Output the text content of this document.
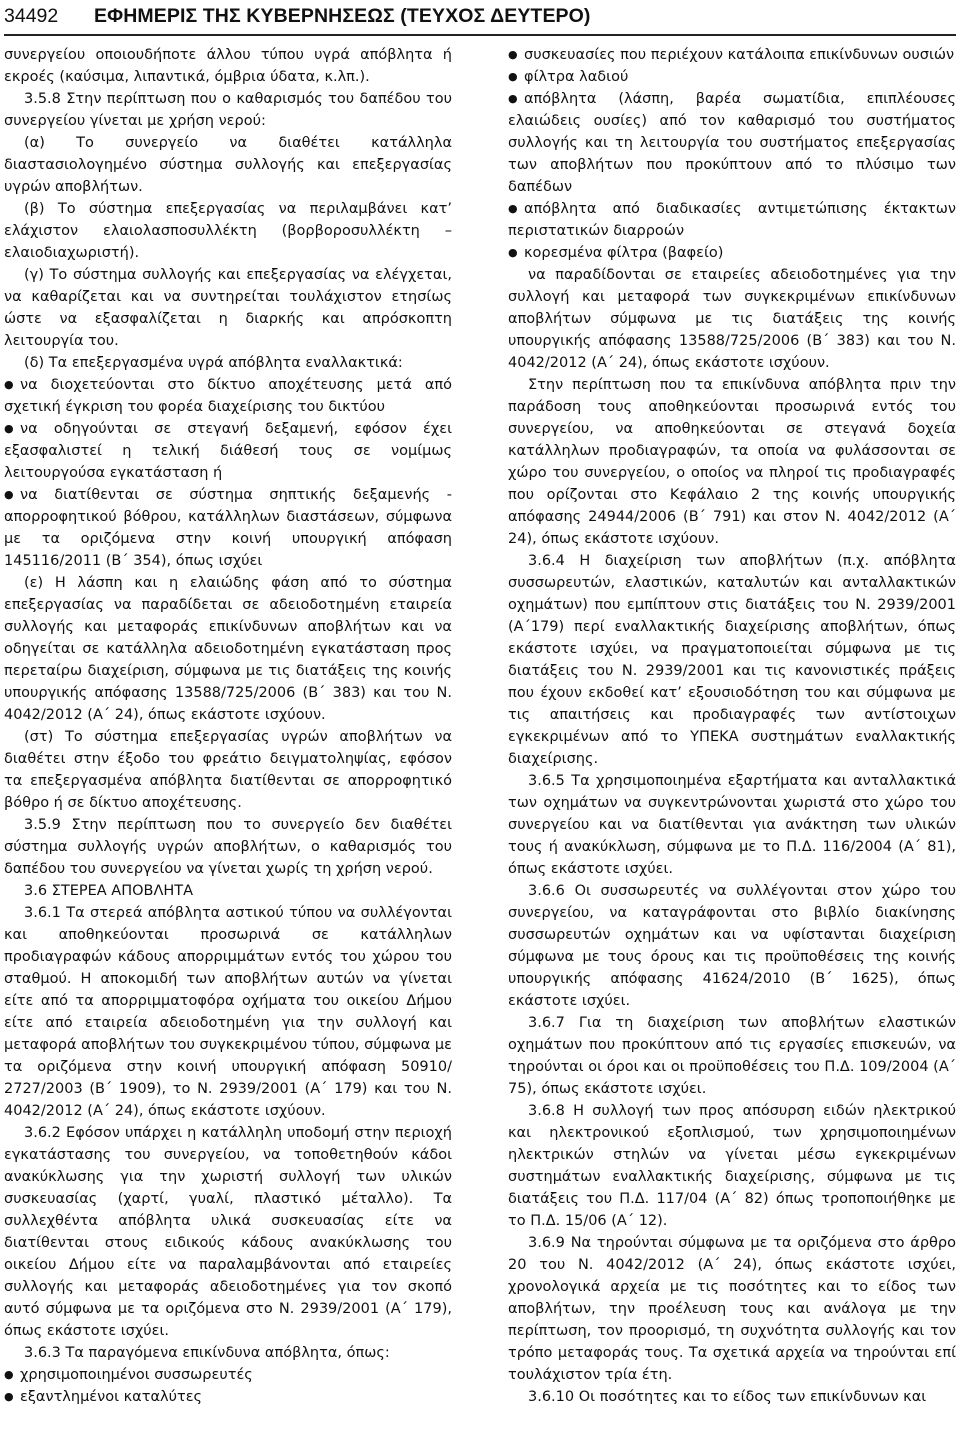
34492 ΕΦΗΜΕΡΙΣ ΤΗΣ ΚΥΒΕΡΝΗΣΕΩΣ (ΤΕΥΧΟΣ ΔΕΥΤΕΡΟ)

συνεργείου οποιουδήποτε άλλου τύπου υγρά απόβλητα ή εκροές (καύσιμα, λιπαντικά, όμβρια ύδατα, κ.λπ.).

3.5.8 Στην περίπτωση που ο καθαρισμός του δαπέδου του συνεργείου γίνεται με χρήση νερού:

(α) Το συνεργείο να διαθέτει κατάλληλα διαστασιολογημένο σύστημα συλλογής και επεξεργασίας υγρών αποβλήτων.

(β) Το σύστημα επεξεργασίας να περιλαμβάνει κατ’ ελάχιστον ελαιολασποσυλλέκτη (βορβοροσυλλέκτη – ελαιοδιαχωριστή).

(γ) Το σύστημα συλλογής και επεξεργασίας να ελέγχεται, να καθαρίζεται και να συντηρείται τουλάχιστον ετησίως ώστε να εξασφαλίζεται η διαρκής και απρόσκοπτη λειτουργία του.

(δ) Τα επεξεργασμένα υγρά απόβλητα εναλλακτικά:

● να διοχετεύονται στο δίκτυο αποχέτευσης μετά από σχετική έγκριση του φορέα διαχείρισης του δικτύου

● να οδηγούνται σε στεγανή δεξαμενή, εφόσον έχει εξασφαλιστεί η τελική διάθεσή τους σε νομίμως λειτουργούσα εγκατάσταση ή

● να διατίθενται σε σύστημα σηπτικής δεξαμενής - απορροφητικού βόθρου, κατάλληλων διαστάσεων, σύμφωνα με τα οριζόμενα στην κοινή υπουργική απόφαση 145116/2011 (Β΄ 354), όπως ισχύει

(ε) Η λάσπη και η ελαιώδης φάση από το σύστημα επεξεργασίας να παραδίδεται σε αδειοδοτημένη εταιρεία συλλογής και μεταφοράς επικίνδυνων αποβλήτων και να οδηγείται σε κατάλληλα αδειοδοτημένη εγκατάσταση προς περεταίρω διαχείριση, σύμφωνα με τις διατάξεις της κοινής υπουργικής απόφασης 13588/725/2006 (Β΄ 383) και του Ν. 4042/2012 (Α΄ 24), όπως εκάστοτε ισχύουν.

(στ) Το σύστημα επεξεργασίας υγρών αποβλήτων να διαθέτει στην έξοδο του φρεάτιο δειγματοληψίας, εφόσον τα επεξεργασμένα απόβλητα διατίθενται σε απορροφητικό βόθρο ή σε δίκτυο αποχέτευσης.

3.5.9 Στην περίπτωση που το συνεργείο δεν διαθέτει σύστημα συλλογής υγρών αποβλήτων, ο καθαρισμός του δαπέδου του συνεργείου να γίνεται χωρίς τη χρήση νερού.

3.6 ΣΤΕΡΕΑ ΑΠΟΒΛΗΤΑ

3.6.1 Τα στερεά απόβλητα αστικού τύπου να συλλέγονται και αποθηκεύονται προσωρινά σε κατάλληλων προδιαγραφών κάδους απορριμμάτων εντός του χώρου του σταθμού. Η αποκομιδή των αποβλήτων αυτών να γίνεται είτε από τα απορριμματοφόρα οχήματα του οικείου Δήμου είτε από εταιρεία αδειοδοτημένη για την συλλογή και μεταφορά αποβλήτων του συγκεκριμένου τύπου, σύμφωνα με τα οριζόμενα στην κοινή υπουργική απόφαση 50910/ 2727/2003 (Β΄ 1909), το Ν. 2939/2001 (Α΄ 179) και του Ν. 4042/2012 (Α΄ 24), όπως εκάστοτε ισχύουν.

3.6.2 Εφόσον υπάρχει η κατάλληλη υποδομή στην περιοχή εγκατάστασης του συνεργείου, να τοποθετηθούν κάδοι ανακύκλωσης για την χωριστή συλλογή των υλικών συσκευασίας (χαρτί, γυαλί, πλαστικό μέταλλο). Τα συλλεχθέντα απόβλητα υλικά συσκευασίας είτε να διατίθενται στους ειδικούς κάδους ανακύκλωσης του οικείου Δήμου είτε να παραλαμβάνονται από εταιρείες συλλογής και μεταφοράς αδειοδοτημένες για τον σκοπό αυτό σύμφωνα με τα οριζόμενα στο Ν. 2939/2001 (Α΄ 179), όπως εκάστοτε ισχύει.

3.6.3 Τα παραγόμενα επικίνδυνα απόβλητα, όπως:

● χρησιμοποιημένοι συσσωρευτές

● εξαντλημένοι καταλύτες

● συσκευασίες που περιέχουν κατάλοιπα επικίνδυνων ουσιών

● φίλτρα λαδιού

● απόβλητα (λάσπη, βαρέα σωματίδια, επιπλέουσες ελαιώδεις ουσίες) από τον καθαρισμό του συστήματος συλλογής και τη λειτουργία του συστήματος επεξεργασίας των αποβλήτων που προκύπτουν από το πλύσιμο των δαπέδων

● απόβλητα από διαδικασίες αντιμετώπισης έκτακτων περιστατικών διαρροών

● κορεσμένα φίλτρα (βαφείο)

να παραδίδονται σε εταιρείες αδειοδοτημένες για την συλλογή και μεταφορά των συγκεκριμένων επικίνδυνων αποβλήτων σύμφωνα με τις διατάξεις της κοινής υπουργικής απόφασης 13588/725/2006 (Β΄ 383) και του Ν. 4042/2012 (Α΄ 24), όπως εκάστοτε ισχύουν.

Στην περίπτωση που τα επικίνδυνα απόβλητα πριν την παράδοση τους αποθηκεύονται προσωρινά εντός του συνεργείου, να αποθηκεύονται σε στεγανά δοχεία κατάλληλων προδιαγραφών, τα οποία να φυλάσσονται σε χώρο του συνεργείου, ο οποίος να πληροί τις προδιαγραφές που ορίζονται στο Κεφάλαιο 2 της κοινής υπουργικής απόφασης 24944/2006 (Β΄ 791) και στον Ν. 4042/2012 (Α΄ 24), όπως εκάστοτε ισχύουν.

3.6.4 Η διαχείριση των αποβλήτων (π.χ. απόβλητα συσσωρευτών, ελαστικών, καταλυτών και ανταλλακτικών οχημάτων) που εμπίπτουν στις διατάξεις του Ν. 2939/2001 (Α΄179) περί εναλλακτικής διαχείρισης αποβλήτων, όπως εκάστοτε ισχύει, να πραγματοποιείται σύμφωνα με τις διατάξεις του Ν. 2939/2001 και τις κανονιστικές πράξεις που έχουν εκδοθεί κατ’ εξουσιοδότηση του και σύμφωνα με τις απαιτήσεις και προδιαγραφές των αντίστοιχων εγκεκριμένων από το ΥΠΕΚΑ συστημάτων εναλλακτικής διαχείρισης.

3.6.5 Τα χρησιμοποιημένα εξαρτήματα και ανταλλακτικά των οχημάτων να συγκεντρώνονται χωριστά στο χώρο του συνεργείου και να διατίθενται για ανάκτηση των υλικών τους ή ανακύκλωση, σύμφωνα με το Π.Δ. 116/2004 (Α΄ 81), όπως εκάστοτε ισχύει.

3.6.6 Οι συσσωρευτές να συλλέγονται στον χώρο του συνεργείου, να καταγράφονται στο βιβλίο διακίνησης συσσωρευτών οχημάτων και να υφίστανται διαχείριση σύμφωνα με τους όρους και τις προϋποθέσεις της κοινής υπουργικής απόφασης 41624/2010 (Β΄ 1625), όπως εκάστοτε ισχύει.

3.6.7 Για τη διαχείριση των αποβλήτων ελαστικών οχημάτων που προκύπτουν από τις εργασίες επισκευών, να τηρούνται οι όροι και οι προϋποθέσεις του Π.Δ. 109/2004 (Α΄ 75), όπως εκάστοτε ισχύει.

3.6.8 Η συλλογή των προς απόσυρση ειδών ηλεκτρικού και ηλεκτρονικού εξοπλισμού, των χρησιμοποιημένων ηλεκτρικών στηλών να γίνεται μέσω εγκεκριμένων συστημάτων εναλλακτικής διαχείρισης, σύμφωνα με τις διατάξεις του Π.Δ. 117/04 (Α΄ 82) όπως τροποποιήθηκε με το Π.Δ. 15/06 (Α΄ 12).

3.6.9 Να τηρούνται σύμφωνα με τα οριζόμενα στο άρθρο 20 του Ν. 4042/2012 (Α΄ 24), όπως εκάστοτε ισχύει, χρονολογικά αρχεία με τις ποσότητες και το είδος των αποβλήτων, την προέλευση τους και ανάλογα με την περίπτωση, τον προορισμό, τη συχνότητα συλλογής και τον τρόπο μεταφοράς τους. Τα σχετικά αρχεία να τηρούνται επί τουλάχιστον τρία έτη.

3.6.10 Οι ποσότητες και το είδος των επικίνδυνων και
